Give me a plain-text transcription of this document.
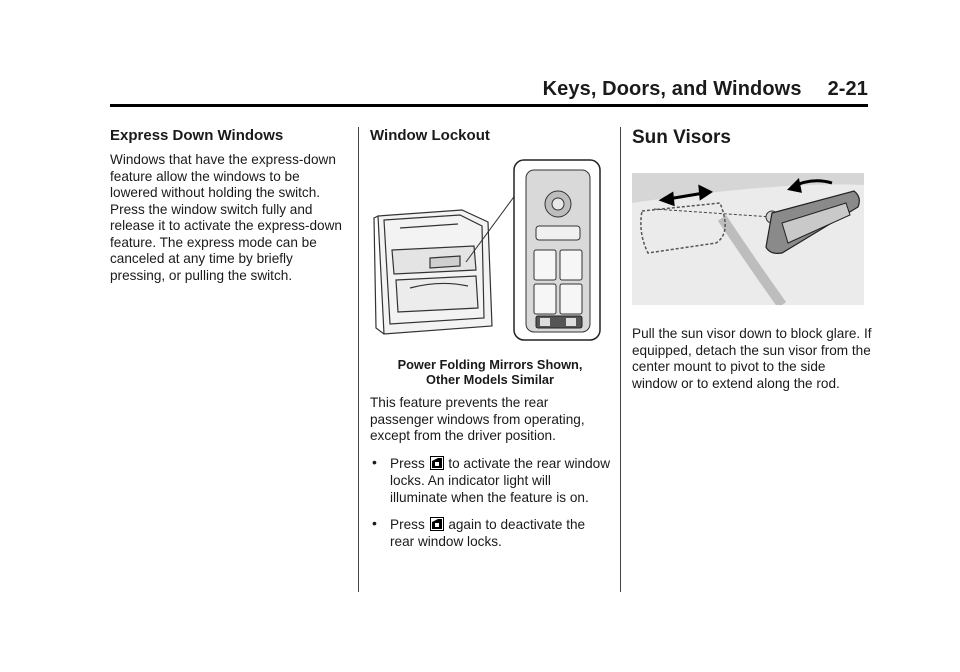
Keys, Doors, and Windows 2-21
Express Down Windows

Windows that have the express-down feature allow the windows to be lowered without holding the switch. Press the window switch fully and release it to activate the express-down feature. The express mode can be canceled at any time by briefly pressing, or pulling the switch.

Window Lockout
Power Folding Mirrors Shown,
Other Models Similar

This feature prevents the rear passenger windows from operating, except from the driver position.

• Press to activate the rear window locks. An indicator light will illuminate when the feature is on.
• Press again to deactivate the rear window locks.
Sun Visors

Pull the sun visor down to block glare. If equipped, detach the sun visor from the center mount to pivot to the side window or to extend along the rod.
